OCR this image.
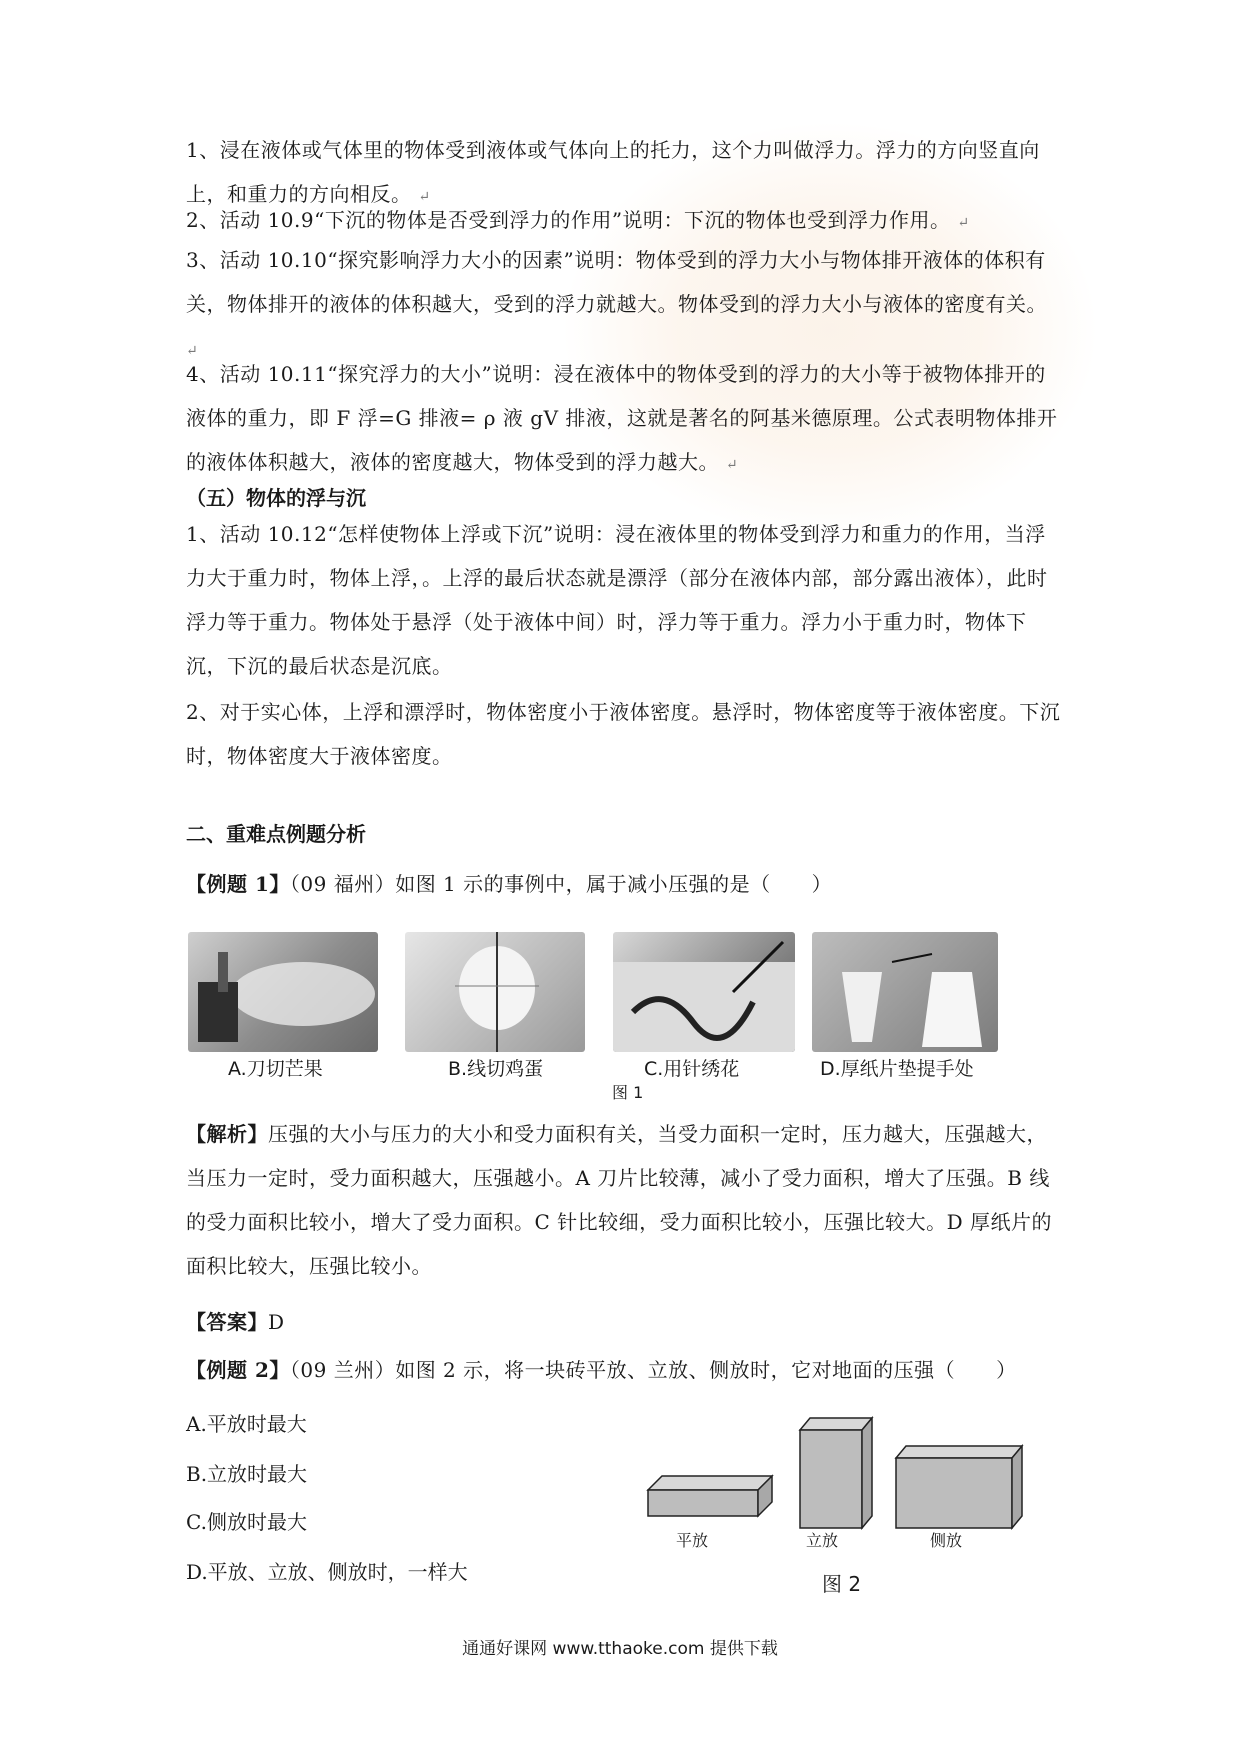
1、浸在液体或气体里的物体受到液体或气体向上的托力，这个力叫做浮力。浮力的方向竖直向上，和重力的方向相反。 ↵
2、活动 10.9“下沉的物体是否受到浮力的作用”说明：下沉的物体也受到浮力作用。 ↵
3、活动 10.10“探究影响浮力大小的因素”说明：物体受到的浮力大小与物体排开液体的体积有关，物体排开的液体的体积越大，受到的浮力就越大。物体受到的浮力大小与液体的密度有关。 ↵
4、活动 10.11“探究浮力的大小”说明：浸在液体中的物体受到的浮力的大小等于被物体排开的液体的重力，即 F 浮=G 排液= ρ 液 gV 排液，这就是著名的阿基米德原理。公式表明物体排开的液体体积越大，液体的密度越大，物体受到的浮力越大。 ↵
（五）物体的浮与沉
1、活动 10.12“怎样使物体上浮或下沉”说明：浸在液体里的物体受到浮力和重力的作用，当浮力大于重力时，物体上浮，。上浮的最后状态就是漂浮（部分在液体内部，部分露出液体），此时浮力等于重力。物体处于悬浮（处于液体中间）时，浮力等于重力。浮力小于重力时，物体下沉，下沉的最后状态是沉底。
2、对于实心体，上浮和漂浮时，物体密度小于液体密度。悬浮时，物体密度等于液体密度。下沉时，物体密度大于液体密度。
二、重难点例题分析
【例题 1】（09 福州）如图 1 示的事例中，属于减小压强的是（　　）
A.刀切芒果	B.线切鸡蛋	C.用针绣花	D.厚纸片垫提手处
图 1
【解析】压强的大小与压力的大小和受力面积有关，当受力面积一定时，压力越大，压强越大，当压力一定时，受力面积越大，压强越小。A 刀片比较薄，减小了受力面积，增大了压强。B 线的受力面积比较小，增大了受力面积。C 针比较细，受力面积比较小，压强比较大。D 厚纸片的面积比较大，压强比较小。
【答案】D
【例题 2】（09 兰州）如图 2 示，将一块砖平放、立放、侧放时，它对地面的压强（　　）
A.平放时最大
B.立放时最大
C.侧放时最大
D.平放、立放、侧放时，一样大
平放	立放	侧放
图 2
通通好课网 www.tthaoke.com 提供下载
